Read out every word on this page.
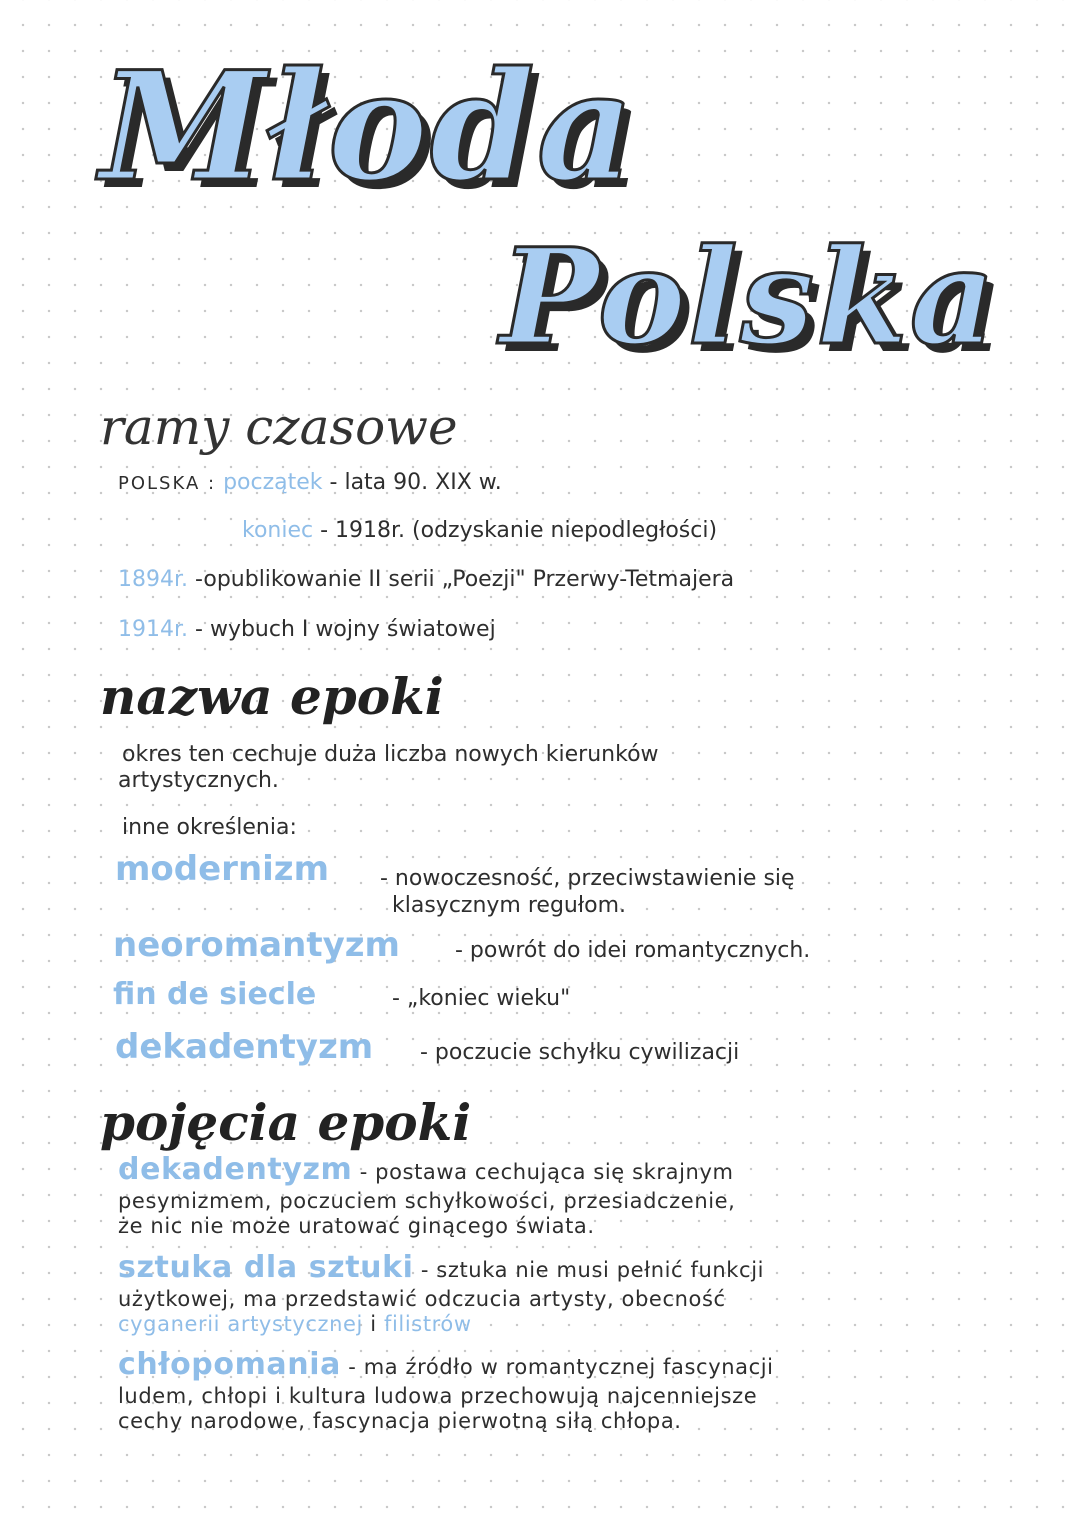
Młoda
Polska
ramy czasowe
POLSKA : początek - lata 90. XIX w.
koniec - 1918r. (odzyskanie niepodległości)
1894r. -opublikowanie II serii „Poezji" Przerwy-Tetmajera
1914r. - wybuch I wojny światowej
nazwa epoki
okres ten cechuje duża liczba nowych kierunków
artystycznych.
inne określenia:
modernizm - nowoczesność, przeciwstawienie się
klasycznym regułom.
neoromantyzm	- powrót do idei romantycznych.
fin de siecle	- „koniec wieku"
dekadentyzm - poczucie schyłku cywilizacji
pojęcia epoki
dekadentyzm - postawa cechująca się skrajnym
pesymizmem, poczuciem schyłkowości, przesiadczenie,
że nic nie może uratować ginącego świata.
sztuka dla sztuki - sztuka nie musi pełnić funkcji
użytkowej, ma przedstawić odczucia artysty, obecność
cyganerii artystycznej i filistrów
chłopomania - ma źródło w romantycznej fascynacji
ludem, chłopi i kultura ludowa przechowują najcenniejsze
cechy narodowe, fascynacja pierwotną siłą chłopa.
